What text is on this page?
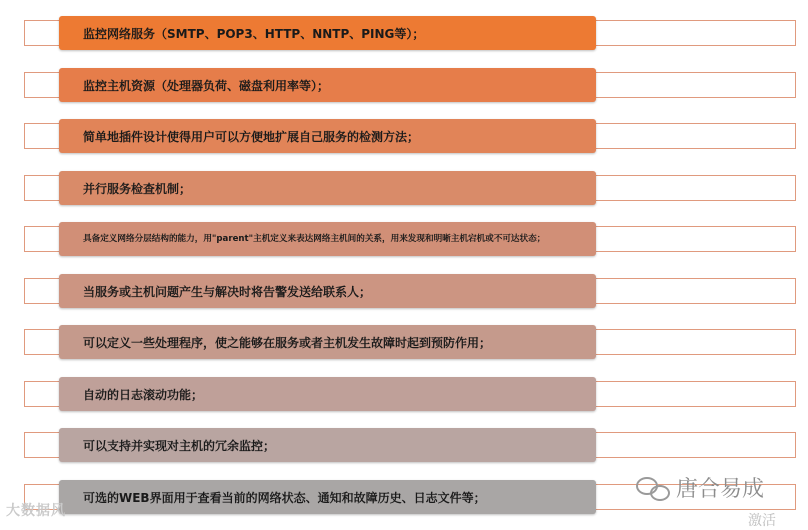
监控网络服务（SMTP、POP3、HTTP、NNTP、PING等）；
监控主机资源（处理器负荷、磁盘利用率等）；
简单地插件设计使得用户可以方便地扩展自己服务的检测方法；
并行服务检查机制；
具备定义网络分层结构的能力，用"parent"主机定义来表达网络主机间的关系，用来发现和明晰主机宕机或不可达状态；
当服务或主机问题产生与解决时将告警发送给联系人；
可以定义一些处理程序，使之能够在服务或者主机发生故障时起到预防作用；
自动的日志滚动功能；
可以支持并实现对主机的冗余监控；
可选的WEB界面用于查看当前的网络状态、通知和故障历史、日志文件等；
大数据风
唐合易成
激活
